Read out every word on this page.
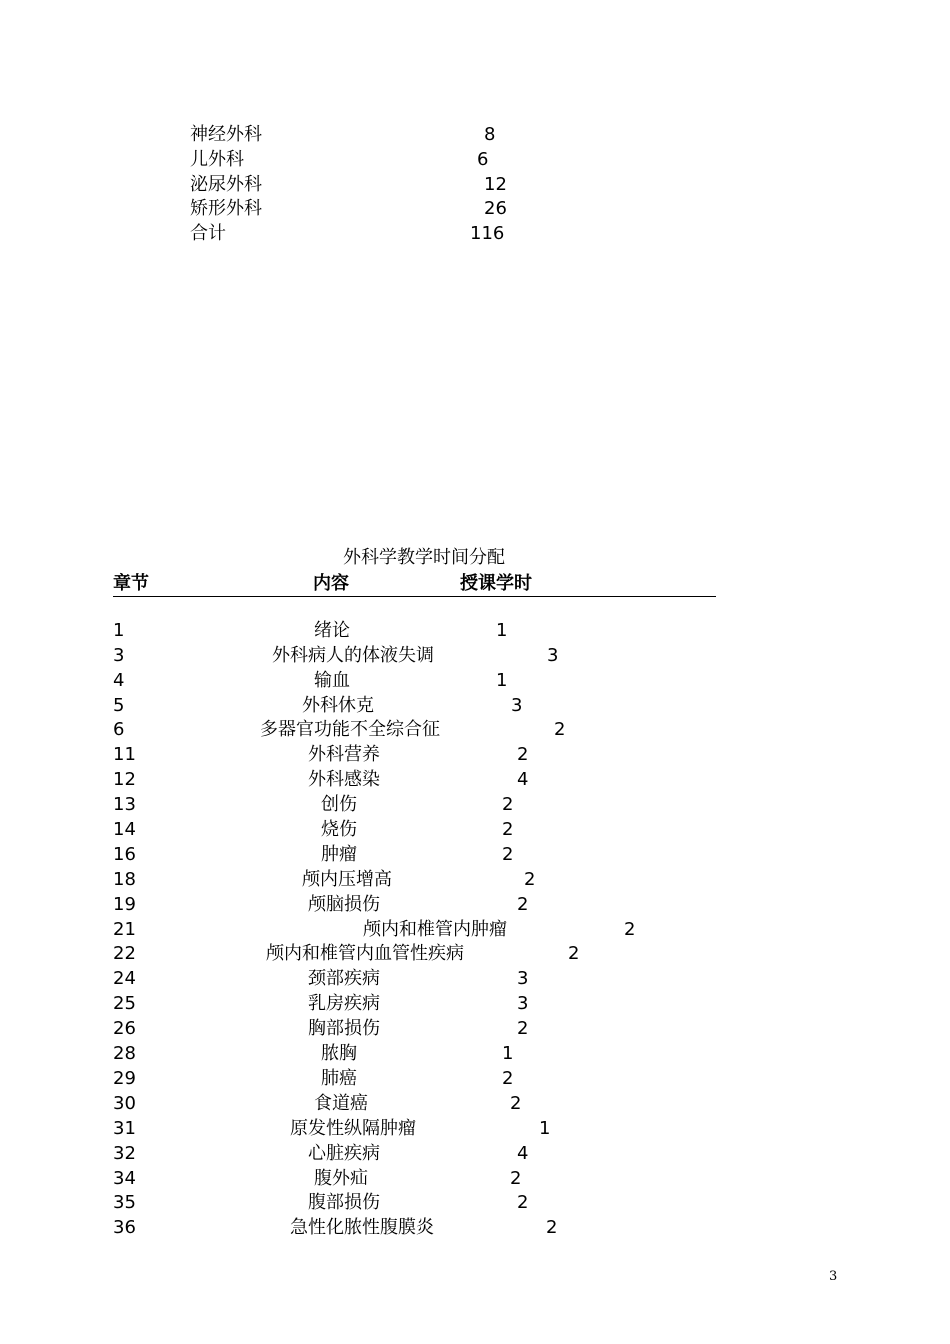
神经外科	8
儿外科	6
泌尿外科	12
矫形外科	26
合计	116
外科学教学时间分配
章节	内容	授课学时
1	绪论	1
3	外科病人的体液失调	3
4	输血	1
5	外科休克	3
6	多器官功能不全综合征	2
11	外科营养	2
12	外科感染	4
13	创伤	2
14	烧伤	2
16	肿瘤	2
18	颅内压增高	2
19	颅脑损伤	2
21	颅内和椎管内肿瘤	2
22	颅内和椎管内血管性疾病	2
24	颈部疾病	3
25	乳房疾病	3
26	胸部损伤	2
28	脓胸	1
29	肺癌	2
30	食道癌	2
31	原发性纵隔肿瘤	1
32	心脏疾病	4
34	腹外疝	2
35	腹部损伤	2
36	急性化脓性腹膜炎	2
3
